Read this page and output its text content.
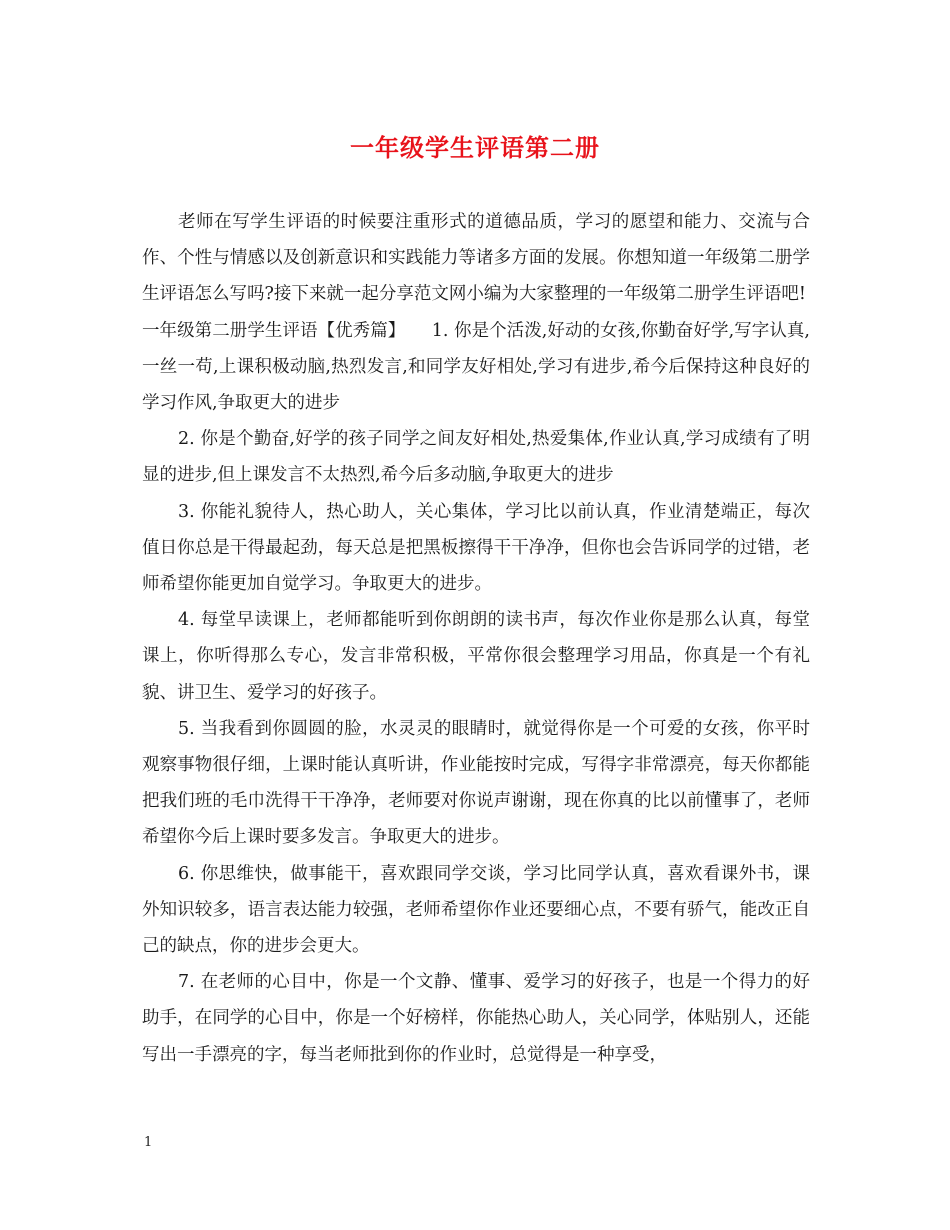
一年级学生评语第二册

老师在写学生评语的时候要注重形式的道德品质，学习的愿望和能力、交流与合作、个性与情感以及创新意识和实践能力等诸多方面的发展。你想知道一年级第二册学生评语怎么写吗?接下来就一起分享范文网小编为大家整理的一年级第二册学生评语吧!

一年级第二册学生评语【优秀篇】　　1. 你是个活泼,好动的女孩,你勤奋好学,写字认真,一丝一苟,上课积极动脑,热烈发言,和同学友好相处,学习有进步,希今后保持这种良好的学习作风,争取更大的进步

2. 你是个勤奋,好学的孩子同学之间友好相处,热爱集体,作业认真,学习成绩有了明显的进步,但上课发言不太热烈,希今后多动脑,争取更大的进步

3. 你能礼貌待人，热心助人，关心集体，学习比以前认真，作业清楚端正，每次值日你总是干得最起劲，每天总是把黑板擦得干干净净，但你也会告诉同学的过错，老师希望你能更加自觉学习。争取更大的进步。

4. 每堂早读课上，老师都能听到你朗朗的读书声，每次作业你是那么认真，每堂课上，你听得那么专心，发言非常积极，平常你很会整理学习用品，你真是一个有礼貌、讲卫生、爱学习的好孩子。

5. 当我看到你圆圆的脸，水灵灵的眼睛时，就觉得你是一个可爱的女孩，你平时观察事物很仔细，上课时能认真听讲，作业能按时完成，写得字非常漂亮，每天你都能把我们班的毛巾洗得干干净净，老师要对你说声谢谢，现在你真的比以前懂事了，老师希望你今后上课时要多发言。争取更大的进步。

6. 你思维快，做事能干，喜欢跟同学交谈，学习比同学认真，喜欢看课外书，课外知识较多，语言表达能力较强，老师希望你作业还要细心点，不要有骄气，能改正自己的缺点，你的进步会更大。

7. 在老师的心目中，你是一个文静、懂事、爱学习的好孩子，也是一个得力的好助手，在同学的心目中，你是一个好榜样，你能热心助人，关心同学，体贴别人，还能写出一手漂亮的字，每当老师批到你的作业时，总觉得是一种享受，

1
